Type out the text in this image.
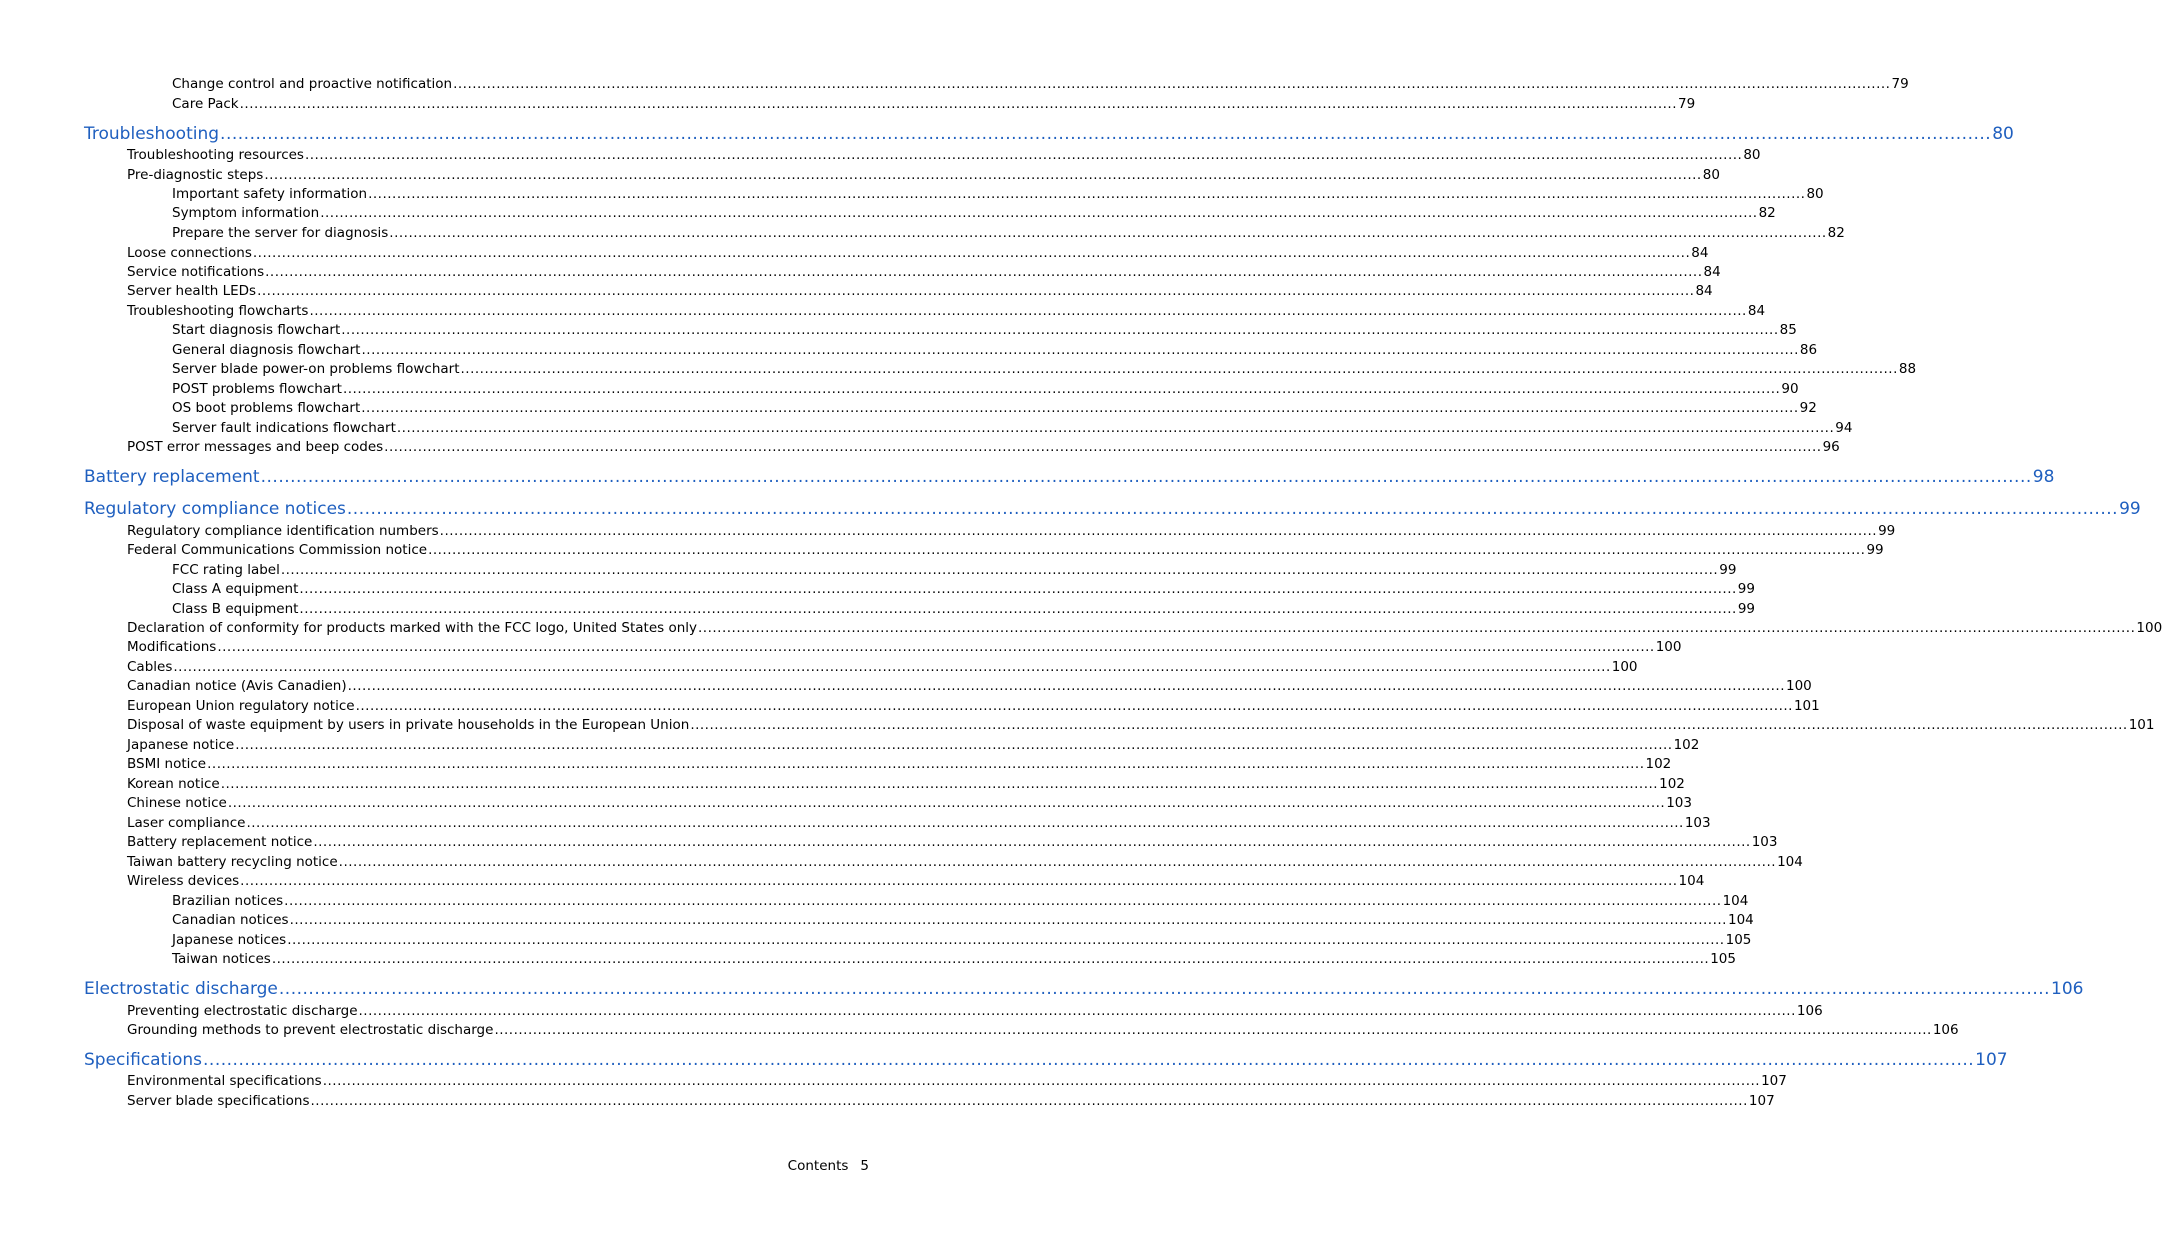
Change control and proactive notification ............................................................................................................................................................................................................................................................................................................ 79
Care Pack ............................................................................................................................................................................................................................................................................................................ 79
Troubleshooting ............................................................................................................................................................................................................................................................................................................ 80
Troubleshooting resources ............................................................................................................................................................................................................................................................................................................ 80
Pre-diagnostic steps ............................................................................................................................................................................................................................................................................................................ 80
Important safety information ............................................................................................................................................................................................................................................................................................................ 80
Symptom information ............................................................................................................................................................................................................................................................................................................ 82
Prepare the server for diagnosis ............................................................................................................................................................................................................................................................................................................ 82
Loose connections ............................................................................................................................................................................................................................................................................................................ 84
Service notifications ............................................................................................................................................................................................................................................................................................................ 84
Server health LEDs ............................................................................................................................................................................................................................................................................................................ 84
Troubleshooting flowcharts ............................................................................................................................................................................................................................................................................................................ 84
Start diagnosis flowchart ............................................................................................................................................................................................................................................................................................................ 85
General diagnosis flowchart ............................................................................................................................................................................................................................................................................................................ 86
Server blade power-on problems flowchart ............................................................................................................................................................................................................................................................................................................ 88
POST problems flowchart ............................................................................................................................................................................................................................................................................................................ 90
OS boot problems flowchart ............................................................................................................................................................................................................................................................................................................ 92
Server fault indications flowchart ............................................................................................................................................................................................................................................................................................................ 94
POST error messages and beep codes ............................................................................................................................................................................................................................................................................................................ 96
Battery replacement ............................................................................................................................................................................................................................................................................................................ 98
Regulatory compliance notices ............................................................................................................................................................................................................................................................................................................ 99
Regulatory compliance identification numbers ............................................................................................................................................................................................................................................................................................................ 99
Federal Communications Commission notice ............................................................................................................................................................................................................................................................................................................ 99
FCC rating label ............................................................................................................................................................................................................................................................................................................ 99
Class A equipment ............................................................................................................................................................................................................................................................................................................ 99
Class B equipment ............................................................................................................................................................................................................................................................................................................ 99
Declaration of conformity for products marked with the FCC logo, United States only ............................................................................................................................................................................................................................................................................................................ 100
Modifications ............................................................................................................................................................................................................................................................................................................ 100
Cables ............................................................................................................................................................................................................................................................................................................ 100
Canadian notice (Avis Canadien) ............................................................................................................................................................................................................................................................................................................ 100
European Union regulatory notice ............................................................................................................................................................................................................................................................................................................ 101
Disposal of waste equipment by users in private households in the European Union ............................................................................................................................................................................................................................................................................................................ 101
Japanese notice ............................................................................................................................................................................................................................................................................................................ 102
BSMI notice ............................................................................................................................................................................................................................................................................................................ 102
Korean notice ............................................................................................................................................................................................................................................................................................................ 102
Chinese notice ............................................................................................................................................................................................................................................................................................................ 103
Laser compliance ............................................................................................................................................................................................................................................................................................................ 103
Battery replacement notice ............................................................................................................................................................................................................................................................................................................ 103
Taiwan battery recycling notice ............................................................................................................................................................................................................................................................................................................ 104
Wireless devices ............................................................................................................................................................................................................................................................................................................ 104
Brazilian notices ............................................................................................................................................................................................................................................................................................................ 104
Canadian notices ............................................................................................................................................................................................................................................................................................................ 104
Japanese notices ............................................................................................................................................................................................................................................................................................................ 105
Taiwan notices ............................................................................................................................................................................................................................................................................................................ 105
Electrostatic discharge ............................................................................................................................................................................................................................................................................................................ 106
Preventing electrostatic discharge ............................................................................................................................................................................................................................................................................................................ 106
Grounding methods to prevent electrostatic discharge ............................................................................................................................................................................................................................................................................................................ 106
Specifications ............................................................................................................................................................................................................................................................................................................ 107
Environmental specifications ............................................................................................................................................................................................................................................................................................................ 107
Server blade specifications ............................................................................................................................................................................................................................................................................................................ 107
Contents 5
